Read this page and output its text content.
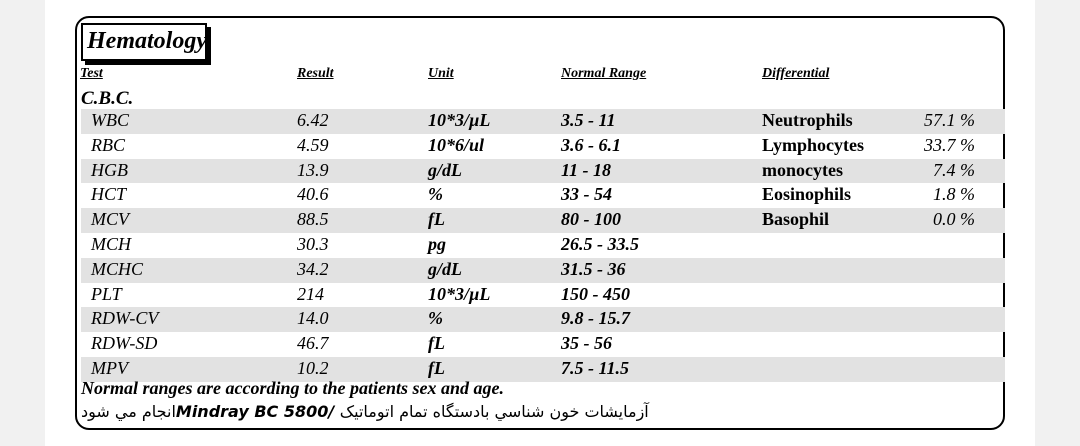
Hematology
Test	Result	Unit	Normal Range	Differential
C.B.C.
WBC	6.42	10*3/µL	3.5 - 11	Neutrophils	57.1 %
RBC	4.59	10*6/ul	3.6 - 6.1	Lymphocytes	33.7 %
HGB	13.9	g/dL	11 - 18	monocytes	7.4 %
HCT	40.6	%	33 - 54	Eosinophils	1.8 %
MCV	88.5	fL	80 - 100	Basophil	0.0 %
MCH	30.3	pg	26.5 - 33.5
MCHC	34.2	g/dL	31.5 - 36
PLT	214	10*3/µL	150 - 450
RDW-CV	14.0	%	9.8 - 15.7
RDW-SD	46.7	fL	35 - 56
MPV	10.2	fL	7.5 - 11.5
Normal ranges are according to the patients sex and age.
انجام مي شودMindray BC 5800/ آزمایشات خون شناسي بادستگاه تمام اتوماتیک
